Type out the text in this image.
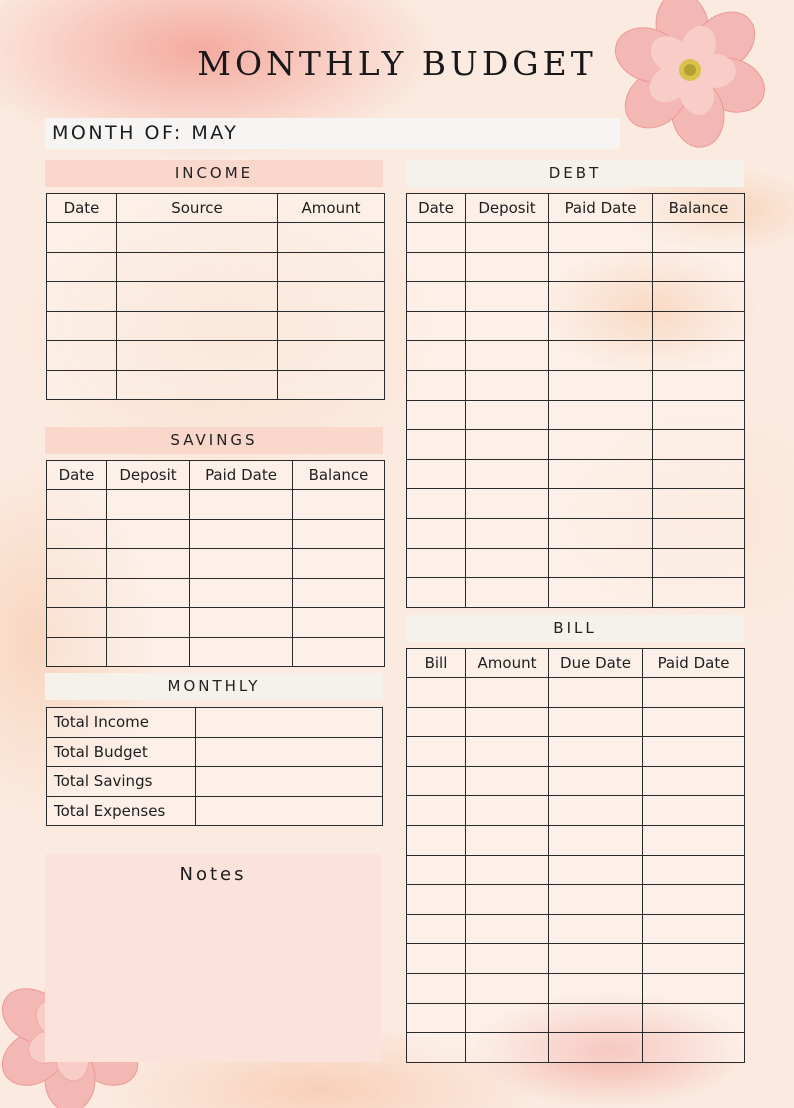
MONTHLY BUDGET
MONTH OF: MAY
INCOME
Date	Source	Amount

SAVINGS
Date	Deposit	Paid Date	Balance

MONTHLY
Total Income	
Total Budget	
Total Savings	
Total Expenses	
Notes
DEBT
Date	Deposit	Paid Date	Balance

BILL
Bill	Amount	Due Date	Paid Date
